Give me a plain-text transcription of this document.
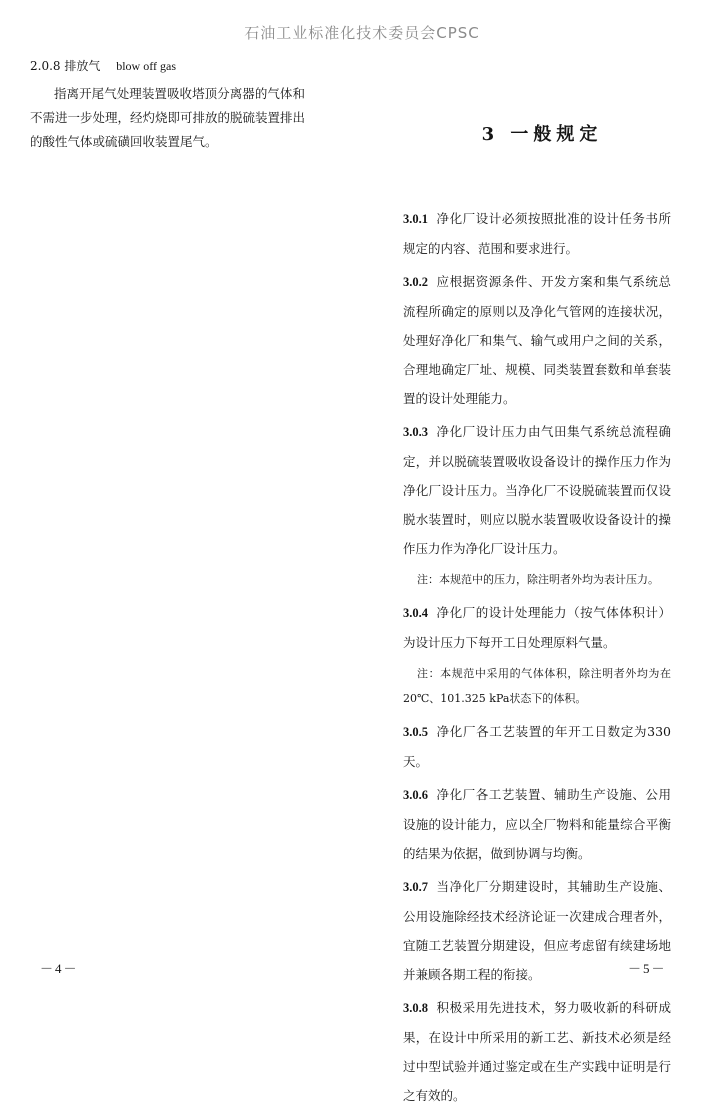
石油工业标准化技术委员会CPSC
2.0.8 排放气 blow off gas
指离开尾气处理装置吸收塔顶分离器的气体和不需进一步处理，经灼烧即可排放的脱硫装置排出的酸性气体或硫磺回收装置尾气。	3 一般规定

3.0.1 净化厂设计必须按照批准的设计任务书所规定的内容、范围和要求进行。

3.0.2 应根据资源条件、开发方案和集气系统总流程所确定的原则以及净化气管网的连接状况，处理好净化厂和集气、输气或用户之间的关系，合理地确定厂址、规模、同类装置套数和单套装置的设计处理能力。

3.0.3 净化厂设计压力由气田集气系统总流程确定，并以脱硫装置吸收设备设计的操作压力作为净化厂设计压力。当净化厂不设脱硫装置而仅设脱水装置时，则应以脱水装置吸收设备设计的操作压力作为净化厂设计压力。

注：本规范中的压力，除注明者外均为表计压力。

3.0.4 净化厂的设计处理能力（按气体体积计）为设计压力下每开工日处理原料气量。

注：本规范中采用的气体体积，除注明者外均为在20℃、101.325 kPa状态下的体积。

3.0.5 净化厂各工艺装置的年开工日数定为330天。

3.0.6 净化厂各工艺装置、辅助生产设施、公用设施的设计能力，应以全厂物料和能量综合平衡的结果为依据，做到协调与均衡。

3.0.7 当净化厂分期建设时，其辅助生产设施、公用设施除经技术经济论证一次建成合理者外，宜随工艺装置分期建设，但应考虑留有续建场地并兼顾各期工程的衔接。

3.0.8 积极采用先进技术，努力吸收新的科研成果，在设计中所采用的新工艺、新技术必须是经过中型试验并通过鉴定或在生产实践中证明是行之有效的。

－4－	－5－
